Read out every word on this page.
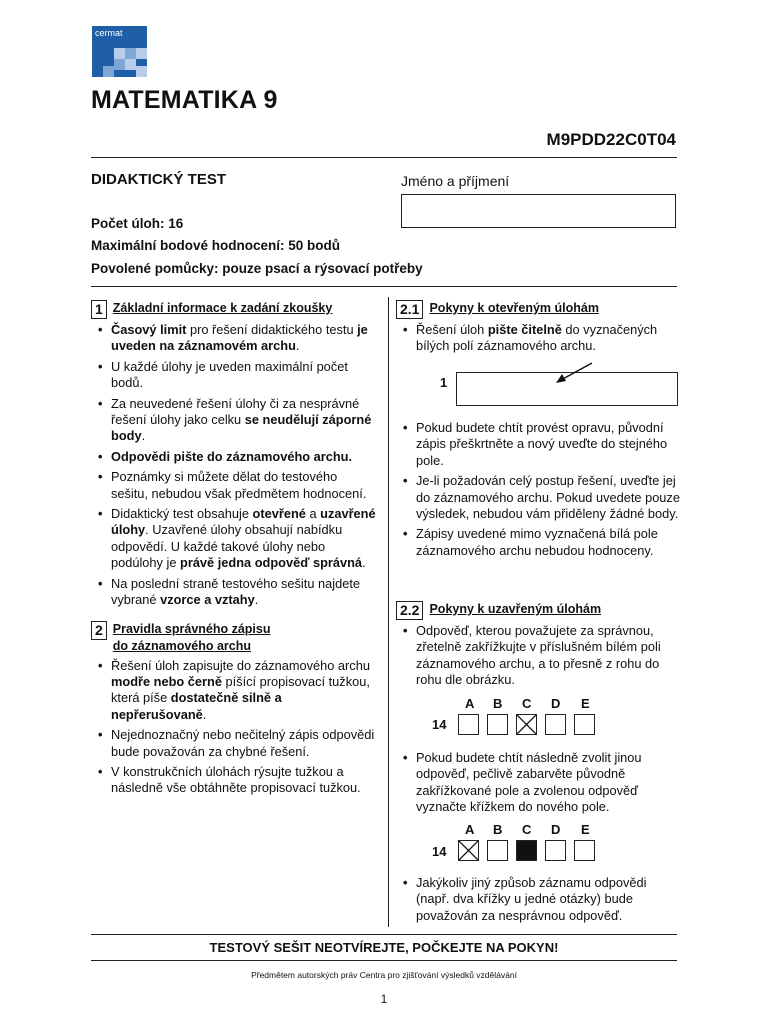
cermat
MATEMATIKA 9
M9PDD22C0T04
DIDAKTICKÝ TEST	Jméno a příjmení
Počet úloh: 16
Maximální bodové hodnocení: 50 bodů
Povolené pomůcky: pouze psací a rýsovací potřeby
1 Základní informace k zadání zkoušky
• Časový limit pro řešení didaktického testu je uveden na záznamovém archu.
• U každé úlohy je uveden maximální počet bodů.
• Za neuvedené řešení úlohy či za nesprávné řešení úlohy jako celku se neudělují záporné body.
• Odpovědi pište do záznamového archu.
• Poznámky si můžete dělat do testového sešitu, nebudou však předmětem hodnocení.
• Didaktický test obsahuje otevřené a uzavřené úlohy. Uzavřené úlohy obsahují nabídku odpovědí. U každé takové úlohy nebo podúlohy je právě jedna odpověď správná.
• Na poslední straně testového sešitu najdete vybrané vzorce a vztahy.
2 Pravidla správného zápisu
do záznamového archu
• Řešení úloh zapisujte do záznamového archu modře nebo černě píšící propisovací tužkou, která píše dostatečně silně a nepřerušovaně.
• Nejednoznačný nebo nečitelný zápis odpovědi bude považován za chybné řešení.
• V konstrukčních úlohách rýsujte tužkou a následně vše obtáhněte propisovací tužkou.
2.1 Pokyny k otevřeným úlohám
• Řešení úloh pište čitelně do vyznačených bílých polí záznamového archu.
1
• Pokud budete chtít provést opravu, původní zápis přeškrtněte a nový uveďte do stejného pole.
• Je-li požadován celý postup řešení, uveďte jej do záznamového archu. Pokud uvedete pouze výsledek, nebudou vám přiděleny žádné body.
• Zápisy uvedené mimo vyznačená bílá pole záznamového archu nebudou hodnoceny.
2.2 Pokyny k uzavřeným úlohám
• Odpověď, kterou považujete za správnou, zřetelně zakřížkujte v příslušném bílém poli záznamového archu, a to přesně z rohu do rohu dle obrázku.
A B C D E
14
• Pokud budete chtít následně zvolit jinou odpověď, pečlivě zabarvěte původně zakřížkované pole a zvolenou odpověď vyznačte křížkem do nového pole.
A B C D E
14
• Jakýkoliv jiný způsob záznamu odpovědi (např. dva křížky u jedné otázky) bude považován za nesprávnou odpověď.
TESTOVÝ SEŠIT NEOTVÍREJTE, POČKEJTE NA POKYN!
Předmětem autorských práv Centra pro zjišťování výsledků vzdělávání
1
